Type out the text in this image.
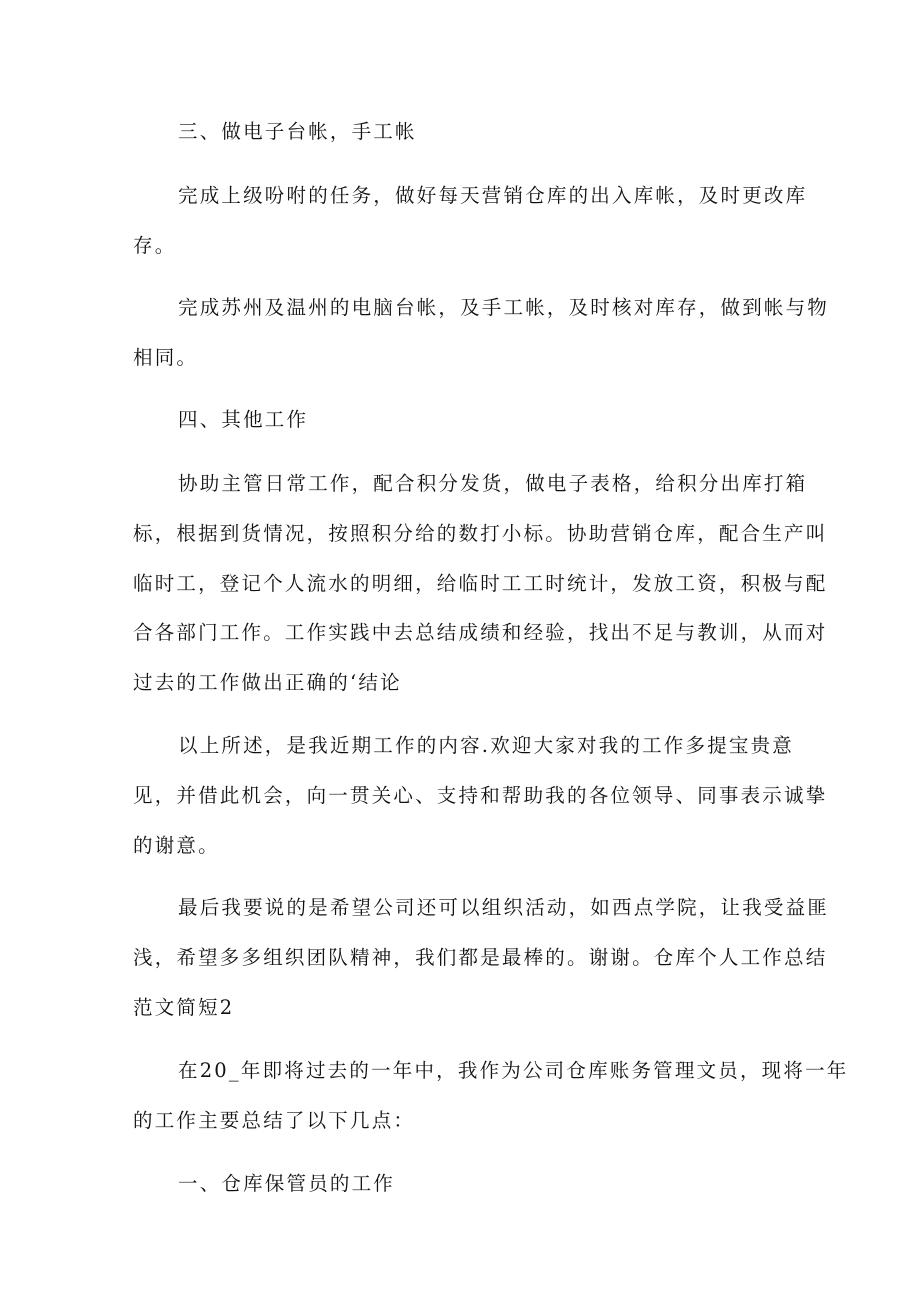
三、做电子台帐，手工帐
完成上级吩咐的任务，做好每天营销仓库的出入库帐，及时更改库
存。
完成苏州及温州的电脑台帐，及手工帐，及时核对库存，做到帐与物
相同。
四、其他工作
协助主管日常工作，配合积分发货，做电子表格，给积分出库打箱
标，根据到货情况，按照积分给的数打小标。协助营销仓库，配合生产叫
临时工，登记个人流水的明细，给临时工工时统计，发放工资，积极与配
合各部门工作。工作实践中去总结成绩和经验，找出不足与教训，从而对
过去的工作做出正确的‘结论
以上所述，是我近期工作的内容.欢迎大家对我的工作多提宝贵意
见，并借此机会，向一贯关心、支持和帮助我的各位领导、同事表示诚挚
的谢意。
最后我要说的是希望公司还可以组织活动，如西点学院，让我受益匪
浅，希望多多组织团队精神，我们都是最棒的。谢谢。仓库个人工作总结
范文简短2
在20_年即将过去的一年中，我作为公司仓库账务管理文员，现将一年
的工作主要总结了以下几点：
一、仓库保管员的工作
